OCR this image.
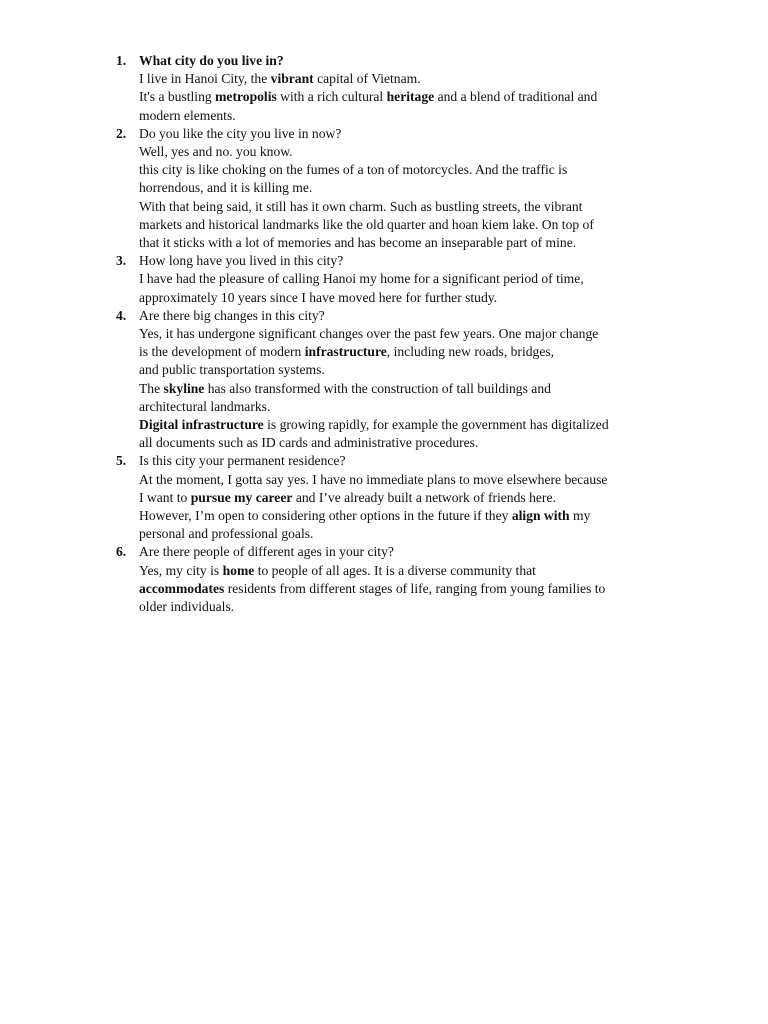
1. What city do you live in?
I live in Hanoi City, the vibrant capital of Vietnam.
It's a bustling metropolis with a rich cultural heritage and a blend of traditional and
modern elements.
2. Do you like the city you live in now?
Well, yes and no. you know.
this city is like choking on the fumes of a ton of motorcycles. And the traffic is
horrendous, and it is killing me.
With that being said, it still has it own charm. Such as bustling streets, the vibrant
markets and historical landmarks like the old quarter and hoan kiem lake. On top of
that it sticks with a lot of memories and has become an inseparable part of mine.
3. How long have you lived in this city?
I have had the pleasure of calling Hanoi my home for a significant period of time,
approximately 10 years since I have moved here for further study.
4. Are there big changes in this city?
Yes, it has undergone significant changes over the past few years. One major change
is the development of modern infrastructure, including new roads, bridges,
and public transportation systems.
The skyline has also transformed with the construction of tall buildings and
architectural landmarks.
Digital infrastructure is growing rapidly, for example the government has digitalized
all documents such as ID cards and administrative procedures.
5. Is this city your permanent residence?
At the moment, I gotta say yes. I have no immediate plans to move elsewhere because
I want to pursue my career and I’ve already built a network of friends here.
However, I’m open to considering other options in the future if they align with my
personal and professional goals.
6. Are there people of different ages in your city?
Yes, my city is home to people of all ages. It is a diverse community that
accommodates residents from different stages of life, ranging from young families to
older individuals.
